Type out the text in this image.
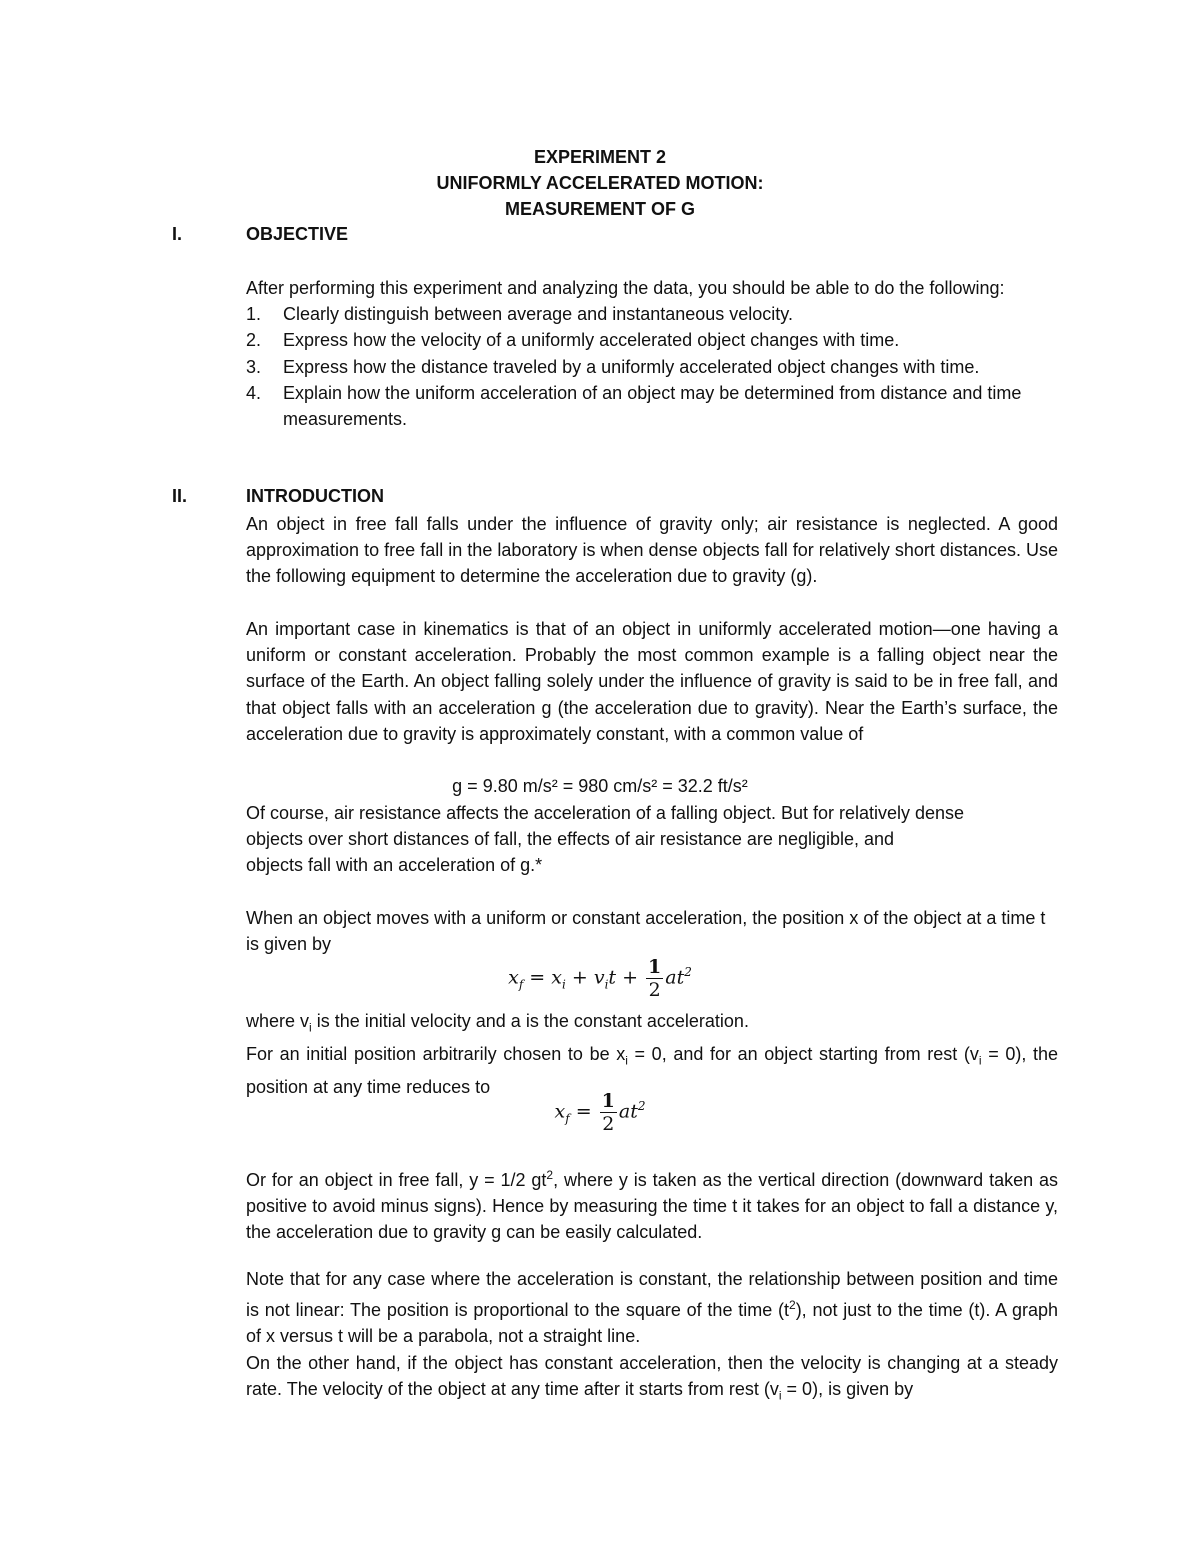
EXPERIMENT 2
UNIFORMLY ACCELERATED MOTION:
MEASUREMENT OF G
I.	OBJECTIVE
After performing this experiment and analyzing the data, you should be able to do the following:
1. Clearly distinguish between average and instantaneous velocity.
2. Express how the velocity of a uniformly accelerated object changes with time.
3. Express how the distance traveled by a uniformly accelerated object changes with time.
4. Explain how the uniform acceleration of an object may be determined from distance and time measurements.
II.	INTRODUCTION
An object in free fall falls under the influence of gravity only; air resistance is neglected. A good approximation to free fall in the laboratory is when dense objects fall for relatively short distances. Use the following equipment to determine the acceleration due to gravity (g).
An important case in kinematics is that of an object in uniformly accelerated motion—one having a uniform or constant acceleration. Probably the most common example is a falling object near the surface of the Earth. An object falling solely under the influence of gravity is said to be in free fall, and that object falls with an acceleration g (the acceleration due to gravity). Near the Earth’s surface, the acceleration due to gravity is approximately constant, with a common value of
g = 9.80 m/s² = 980 cm/s² = 32.2 ft/s²
Of course, air resistance affects the acceleration of a falling object. But for relatively dense
objects over short distances of fall, the effects of air resistance are negligible, and
objects fall with an acceleration of g.*
When an object moves with a uniform or constant acceleration, the position x of the object at a time t is given by
$x_f = x_i + v_it + \frac{1}{2} at^2$
where $v_i$ is the initial velocity and a is the constant acceleration.
For an initial position arbitrarily chosen to be $x_i = 0$, and for an object starting from rest $(v_i = 0)$, the position at any time reduces to
$x_f = \frac{1}{2} at^2$
Or for an object in free fall, y = 1/2 $gt^2$, where y is taken as the vertical direction (downward taken as positive to avoid minus signs). Hence by measuring the time t it takes for an object to fall a distance y, the acceleration due to gravity g can be easily calculated.
Note that for any case where the acceleration is constant, the relationship between position and time is not linear: The position is proportional to the square of the time $(t^2)$, not just to the time (t). A graph of x versus t will be a parabola, not a straight line.
On the other hand, if the object has constant acceleration, then the velocity is changing at a steady rate. The velocity of the object at any time after it starts from rest $(v_i = 0)$, is given by
